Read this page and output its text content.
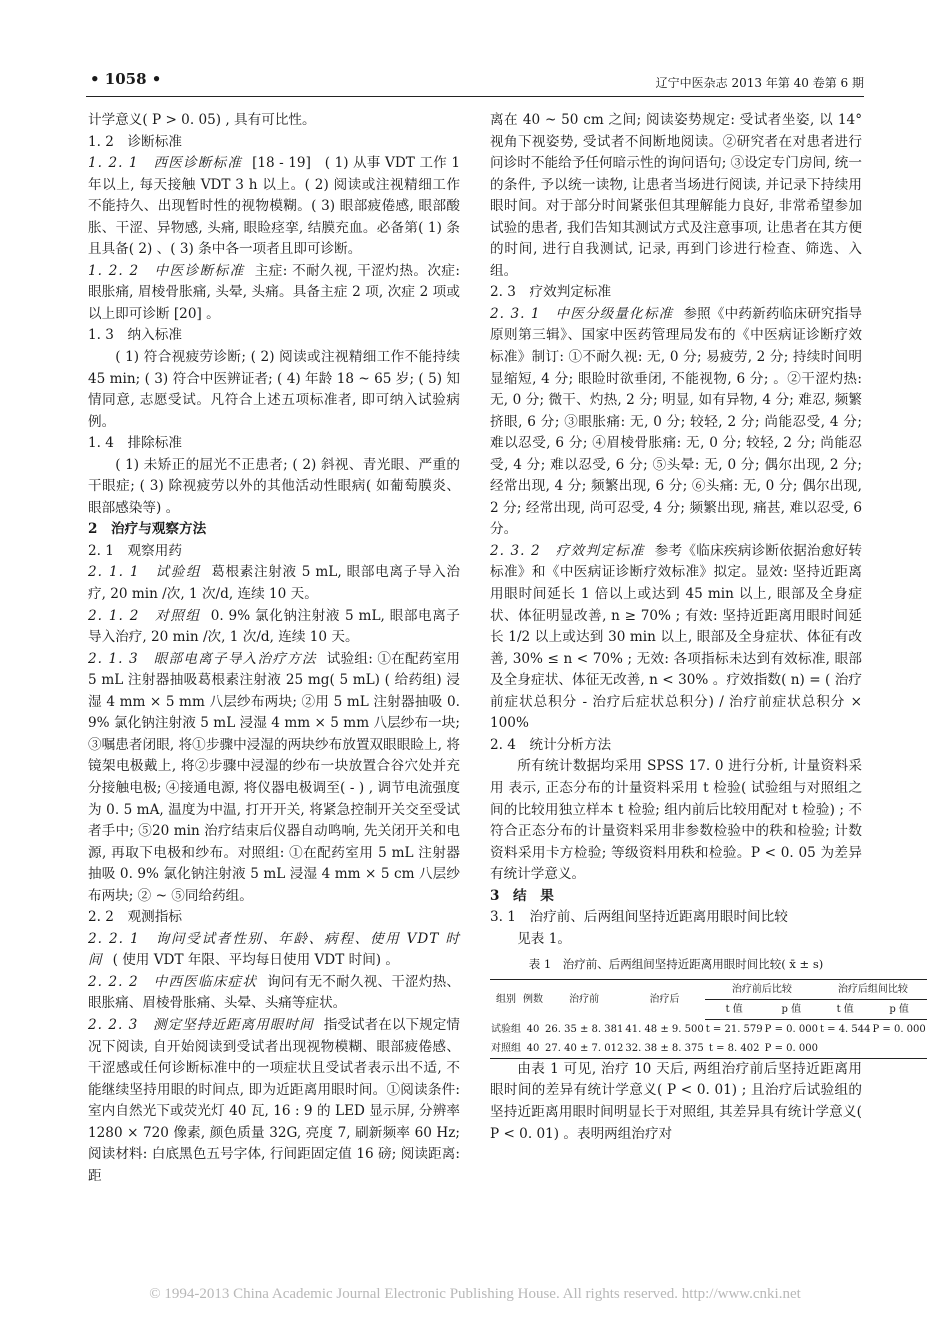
• 1058 •	辽宁中医杂志 2013 年第 40 卷第 6 期

计学意义( P > 0. 05) , 具有可比性。

1. 2　诊断标准

1. 2. 1　西医诊断标准 [18 - 19]　( 1) 从事 VDT 工作 1 年以上, 每天接触 VDT 3 h 以上。( 2) 阅读或注视精细工作不能持久、出现暂时性的视物模糊。( 3) 眼部疲倦感, 眼部酸胀、干涩、异物感, 头痛, 眼睑痉挛, 结膜充血。必备第( 1) 条且具备( 2) 、( 3) 条中各一项者且即可诊断。

1. 2. 2　中医诊断标准 主症: 不耐久视, 干涩灼热。次症: 眼胀痛, 眉棱骨胀痛, 头晕, 头痛。具备主症 2 项, 次症 2 项或以上即可诊断 [20] 。

1. 3　纳入标准

( 1) 符合视疲劳诊断; ( 2) 阅读或注视精细工作不能持续 45 min; ( 3) 符合中医辨证者; ( 4) 年龄 18 ~ 65 岁; ( 5) 知情同意, 志愿受试。凡符合上述五项标准者, 即可纳入试验病例。

1. 4　排除标准

( 1) 未矫正的屈光不正患者; ( 2) 斜视、青光眼、严重的干眼症; ( 3) 除视疲劳以外的其他活动性眼病( 如葡萄膜炎、眼部感染等) 。

2　治疗与观察方法

2. 1　观察用药

2. 1. 1　试验组 葛根素注射液 5 mL, 眼部电离子导入治疗, 20 min /次, 1 次/d, 连续 10 天。

2. 1. 2　对照组 0. 9% 氯化钠注射液 5 mL, 眼部电离子导入治疗, 20 min /次, 1 次/d, 连续 10 天。

2. 1. 3　眼部电离子导入治疗方法 试验组: ①在配药室用 5 mL 注射器抽吸葛根素注射液 25 mg( 5 mL) ( 给药组) 浸湿 4 mm × 5 mm 八层纱布两块; ②用 5 mL 注射器抽吸 0. 9% 氯化钠注射液 5 mL 浸湿 4 mm × 5 mm 八层纱布一块; ③嘱患者闭眼, 将①步骤中浸湿的两块纱布放置双眼眼睑上, 将镜架电极戴上, 将②步骤中浸湿的纱布一块放置合谷穴处并充分接触电极; ④接通电源, 将仪器电极调至( - ) , 调节电流强度为 0. 5 mA, 温度为中温, 打开开关, 将紧急控制开关交至受试者手中; ⑤20 min 治疗结束后仪器自动鸣响, 先关闭开关和电源, 再取下电极和纱布。对照组: ①在配药室用 5 mL 注射器抽吸 0. 9% 氯化钠注射液 5 mL 浸湿 4 mm × 5 cm 八层纱布两块; ② ~ ⑤同给药组。

2. 2　观测指标

2. 2. 1　询问受试者性别、年龄、病程、使用 VDT 时间 ( 使用 VDT 年限、平均每日使用 VDT 时间) 。

2. 2. 2　中西医临床症状 询问有无不耐久视、干涩灼热、眼胀痛、眉棱骨胀痛、头晕、头痛等症状。

2. 2. 3　测定坚持近距离用眼时间 指受试者在以下规定情况下阅读, 自开始阅读到受试者出现视物模糊、眼部疲倦感、干涩感或任何诊断标准中的一项症状且受试者表示出不适, 不能继续坚持用眼的时间点, 即为近距离用眼时间。①阅读条件: 室内自然光下或荧光灯 40 瓦, 16 : 9 的 LED 显示屏, 分辨率 1280 × 720 像素, 颜色质量 32G, 亮度 7, 刷新频率 60 Hz; 阅读材料: 白底黑色五号字体, 行间距固定值 16 磅; 阅读距离: 距

离在 40 ~ 50 cm 之间; 阅读姿势规定: 受试者坐姿, 以 14° 视角下视姿势, 受试者不间断地阅读。②研究者在对患者进行问诊时不能给予任何暗示性的询问语句; ③设定专门房间, 统一的条件, 予以统一读物, 让患者当场进行阅读, 并记录下持续用眼时间。对于部分时间紧张但其理解能力良好, 非常希望参加试验的患者, 我们告知其测试方式及注意事项, 让患者在其方便的时间, 进行自我测试, 记录, 再到门诊进行检查、筛选、入组。

2. 3　疗效判定标准

2. 3. 1　中医分级量化标准 参照《中药新药临床研究指导原则第三辑》、国家中医药管理局发布的《中医病证诊断疗效标准》制订: ①不耐久视: 无, 0 分; 易疲劳, 2 分; 持续时间明显缩短, 4 分; 眼睑时欲垂闭, 不能视物, 6 分; 。②干涩灼热: 无, 0 分; 微干、灼热, 2 分; 明显, 如有异物, 4 分; 难忍, 频繁挤眼, 6 分; ③眼胀痛: 无, 0 分; 较轻, 2 分; 尚能忍受, 4 分; 难以忍受, 6 分; ④眉棱骨胀痛: 无, 0 分; 较轻, 2 分; 尚能忍受, 4 分; 难以忍受, 6 分; ⑤头晕: 无, 0 分; 偶尔出现, 2 分; 经常出现, 4 分; 频繁出现, 6 分; ⑥头痛: 无, 0 分; 偶尔出现, 2 分; 经常出现, 尚可忍受, 4 分; 频繁出现, 痛甚, 难以忍受, 6 分。

2. 3. 2　疗效判定标准 参考《临床疾病诊断依据治愈好转标准》和《中医病证诊断疗效标准》拟定。显效: 坚持近距离用眼时间延长 1 倍以上或达到 45 min 以上, 眼部及全身症状、体征明显改善, n ≥ 70% ; 有效: 坚持近距离用眼时间延长 1/2 以上或达到 30 min 以上, 眼部及全身症状、体征有改善, 30% ≤ n < 70% ; 无效: 各项指标未达到有效标准, 眼部及全身症状、体征无改善, n < 30% 。疗效指数( n) = ( 治疗前症状总积分 - 治疗后症状总积分) / 治疗前症状总积分 × 100%

2. 4　统计分析方法

所有统计数据均采用 SPSS 17. 0 进行分析, 计量资料采用 表示, 正态分布的计量资料采用 t 检验( 试验组与对照组之间的比较用独立样本 t 检验; 组内前后比较用配对 t 检验) ; 不符合正态分布的计量资料采用非参数检验中的秩和检验; 计数资料采用卡方检验; 等级资料用秩和检验。P < 0. 05 为差异有统计学意义。

3　结　果

3. 1　治疗前、后两组间坚持近距离用眼时间比较

见表 1。

表 1　治疗前、后两组间坚持近距离用眼时间比较( x̄ ± s)
组别	例数	治疗前	治疗后	治疗前后比较		治疗后组间比较	
				t 值	p 值	t 值	p 值
试验组	40	26. 35 ± 8. 381	41. 48 ± 9. 500	t = 21. 579	P = 0. 000	t = 4. 544	P = 0. 000
对照组	40	27. 40 ± 7. 012	32. 38 ± 8. 375	t = 8. 402	P = 0. 000		

由表 1 可见, 治疗 10 天后, 两组治疗前后坚持近距离用眼时间的差异有统计学意义( P < 0. 01) ; 且治疗后试验组的坚持近距离用眼时间明显长于对照组, 其差异具有统计学意义( P < 0. 01) 。表明两组治疗对

© 1994-2013 China Academic Journal Electronic Publishing House. All rights reserved. http://www.cnki.net
